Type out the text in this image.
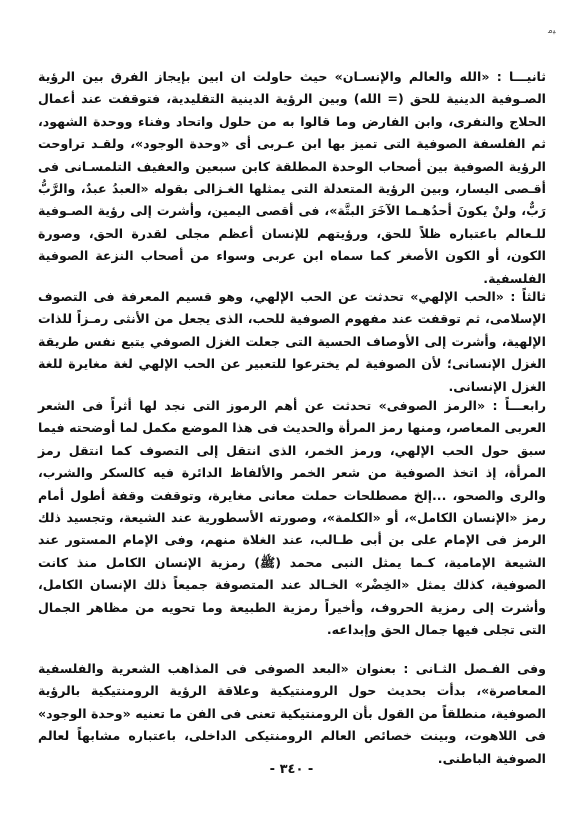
ﻴﻣ
ثانيـــا : «الله والعالم والإنسـان» حيث حاولت ان ابين بإيجاز الفرق بين الرؤية الصـوفية الدينية للحق (= الله) وبين الرؤية الدينية التقليدية، فتوقفت عند أعمال الحلاج والنفرى، وابن الفارض وما قالوا به من حلول واتحاد وفناء ووحدة الشهود، ثم الفلسفة الصوفية التى تميز بها ابن عـربى أى «وحدة الوجود»، ولقـد تراوحت الرؤية الصوفية بين أصحاب الوحدة المطلقة كابن سبعين والعفيف التلمسـانى فى أقـصى اليسار، وبين الرؤية المتعدلة التى يمثلها الغـزالى بقوله «العبدُ عبدٌ، والرَّبُّ رَبٌّ، ولنْ يكونَ أحدُهـما الآخَرَ البتَّة»، فى أقصى اليمين، وأشرت إلى رؤية الصـوفية للـعالم باعتباره ظلاً للحق، ورؤيتهم للإنسان أعظم مجلى لقدرة الحق، وصورة الكون، أو الكون الأصغر كما سماه ابن عربى وسواء من أصحاب النزعة الصوفية الفلسفية.
ثالثاً : «الحب الإلهي» تحدثت عن الحب الإلهي، وهو قسيم المعرفة فى التصوف الإسلامى، ثم توقفت عند مفهوم الصوفية للحب، الذى يجعل من الأنثى رمـزاً للذات الإلهية، وأشرت إلى الأوصاف الحسية التى جعلت الغزل الصوفي يتبع نفس طريقة الغزل الإنسانى؛ لأن الصوفية لم يخترعوا للتعبير عن الحب الإلهي لغة مغايرة للغة الغزل الإنسانى.
رابعـــاً : «الرمز الصوفى» تحدثت عن أهم الرموز التى نجد لها أثراً فى الشعر العربى المعاصر، ومنها رمز المرأة والحديث فى هذا الموضع مكمل لما أوضحته فيما سبق حول الحب الإلهي، ورمز الخمر، الذى انتقل إلى التصوف كما انتقل رمز المرأة، إذ اتخذ الصوفية من شعر الخمر والألفاظ الدائرة فيه كالسكر والشرب، والرى والصحو، ...إلخ مصطلحات حملت معانى مغايرة، وتوقفت وقفة أطول أمام رمز «الإنسان الكامل»، أو «الكلمة»، وصورته الأسطورية عند الشيعة، وتجسيد ذلك الرمز فى الإمام على بن أبى طـالب، عند الغلاة منهم، وفى الإمام المستور عند الشيعة الإمامية، كـما يمثل النبى محمد (ﷺ) رمزية الإنسان الكامل منذ كانت الصوفية، كذلك يمثل «الخِضْر» الخـالد عند المتصوفة جميعاً ذلك الإنسان الكامل، وأشرت إلى رمزية الحروف، وأخيراً رمزية الطبيعة وما تحويه من مظاهر الجمال التى تجلى فيها جمال الحق وإبداعه.
وفى الفـصل الثـانى : بعنوان «البعد الصوفى فى المذاهب الشعرية والفلسفية المعاصرة»، بدأت بحديث حول الرومنتيكية وعلاقة الرؤية الرومنتيكية بالرؤية الصوفية، منطلقاً من القول بأن الرومنتيكية تعنى فى الفن ما تعنيه «وحدة الوجود» فى اللاهوت، وبينت خصائص العالم الرومنتيكى الداخلى، باعتباره مشابهاً لعالم الصوفية الباطنى.
- ٣٤٠ -
